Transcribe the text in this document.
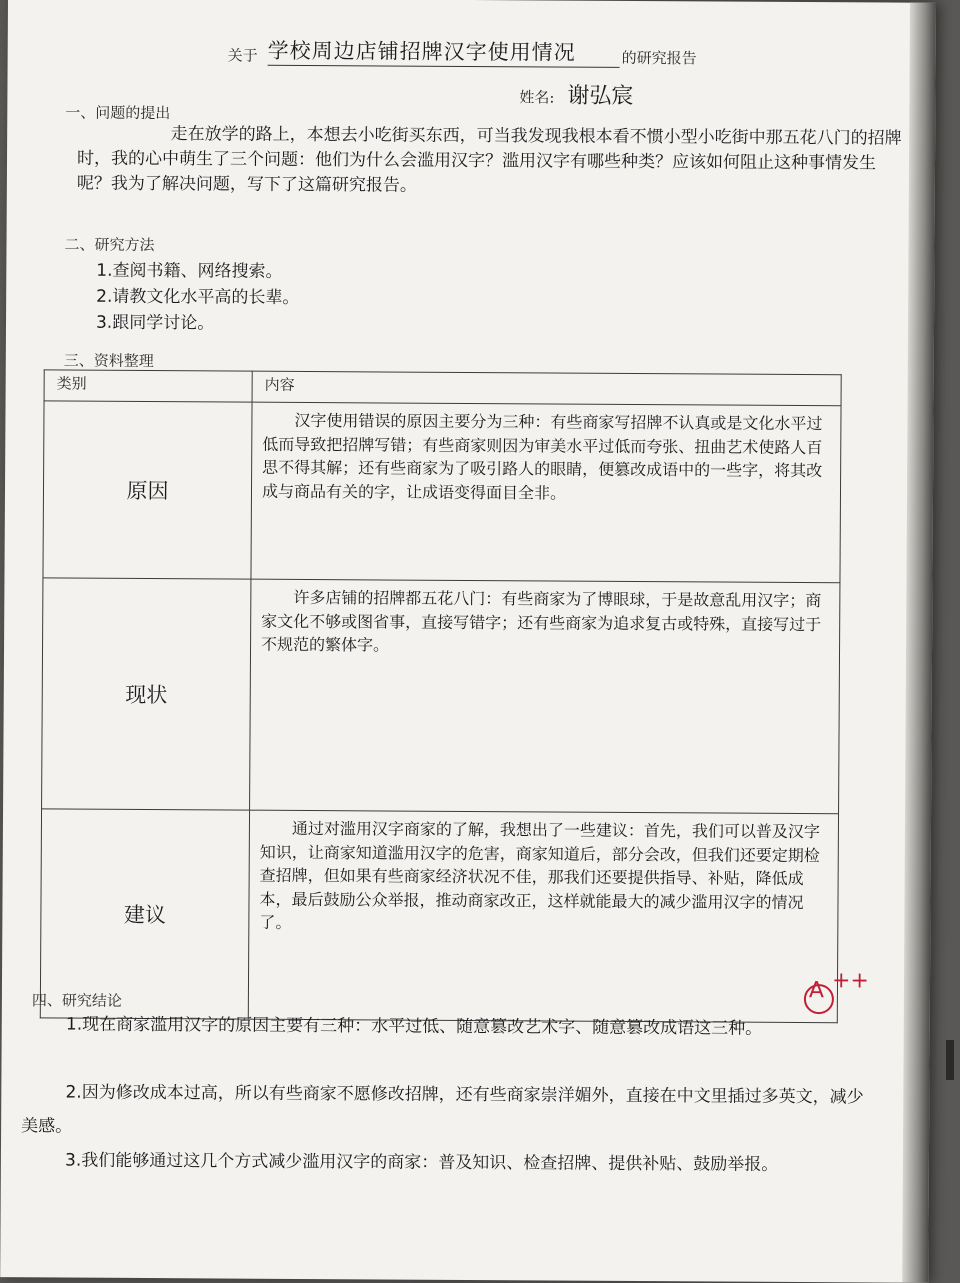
关于 学校周边店铺招牌汉字使用情况	的研究报告
姓名: 谢弘宸
一、问题的提出

走在放学的路上，本想去小吃街买东西，可当我发现我根本看不惯小型小吃街中那五花八门的招牌时，我的心中萌生了三个问题：他们为什么会滥用汉字？滥用汉字有哪些种类？应该如何阻止这种事情发生呢？我为了解决问题，写下了这篇研究报告。

二、研究方法
1.查阅书籍、网络搜索。
2.请教文化水平高的长辈。
3.跟同学讨论。
三、资料整理
类别	内容
原因	汉字使用错误的原因主要分为三种：有些商家写招牌不认真或是文化水平过低而导致把招牌写错；有些商家则因为审美水平过低而夸张、扭曲艺术使路人百思不得其解；还有些商家为了吸引路人的眼睛，便篡改成语中的一些字，将其改成与商品有关的字，让成语变得面目全非。

现状	许多店铺的招牌都五花八门：有些商家为了博眼球，于是故意乱用汉字；商家文化不够或图省事，直接写错字；还有些商家为追求复古或特殊，直接写过于不规范的繁体字。

建议	通过对滥用汉字商家的了解，我想出了一些建议：首先，我们可以普及汉字知识，让商家知道滥用汉字的危害，商家知道后，部分会改，但我们还要定期检查招牌，但如果有些商家经济状况不佳，那我们还要提供指导、补贴，降低成本，最后鼓励公众举报，推动商家改正，这样就能最大的减少滥用汉字的情况了。

A ++
四、研究结论

1.现在商家滥用汉字的原因主要有三种：水平过低、随意篡改艺术字、随意篡改成语这三种。

2.因为修改成本过高，所以有些商家不愿修改招牌，还有些商家崇洋媚外，直接在中文里插过多英文，减少美感。

3.我们能够通过这几个方式减少滥用汉字的商家：普及知识、检查招牌、提供补贴、鼓励举报。
